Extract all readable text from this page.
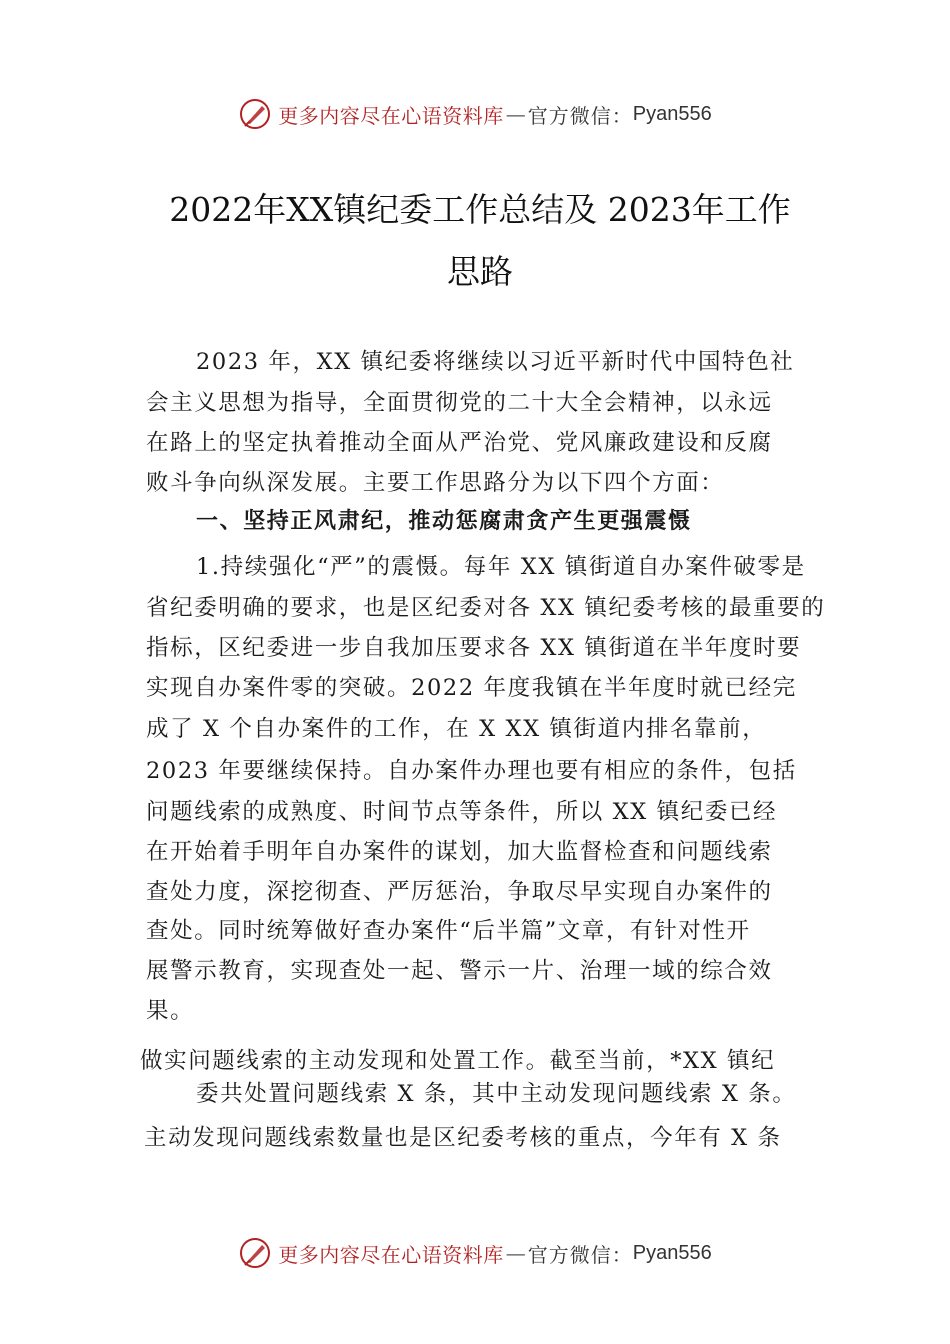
更多内容尽在心语资料库 — 官方微信： Pyan556
2022年XX镇纪委工作总结及 2023年工作
思路
2023 年，XX 镇纪委将继续以习近平新时代中国特色社
会主义思想为指导，全面贯彻党的二十大全会精神，以永远
在路上的坚定执着推动全面从严治党、党风廉政建设和反腐
败斗争向纵深发展。主要工作思路分为以下四个方面：
一、坚持正风肃纪，推动惩腐肃贪产生更强震慑
1.持续强化“严”的震慑。每年 XX 镇街道自办案件破零是
省纪委明确的要求，也是区纪委对各 XX 镇纪委考核的最重要的
指标，区纪委进一步自我加压要求各 XX 镇街道在半年度时要
实现自办案件零的突破。2022 年度我镇在半年度时就已经完
成了 X 个自办案件的工作，在 X XX 镇街道内排名靠前，
2023 年要继续保持。自办案件办理也要有相应的条件，包括
问题线索的成熟度、时间节点等条件，所以 XX 镇纪委已经
在开始着手明年自办案件的谋划，加大监督检查和问题线索
查处力度，深挖彻查、严厉惩治，争取尽早实现自办案件的
查处。同时统筹做好查办案件“后半篇”文章，有针对性开
展警示教育，实现查处一起、警示一片、治理一域的综合效
果。
做实问题线索的主动发现和处置工作。截至当前，*XX 镇纪
委共处置问题线索 X 条，其中主动发现问题线索 X 条。
主动发现问题线索数量也是区纪委考核的重点，今年有 X 条
更多内容尽在心语资料库 — 官方微信： Pyan556
